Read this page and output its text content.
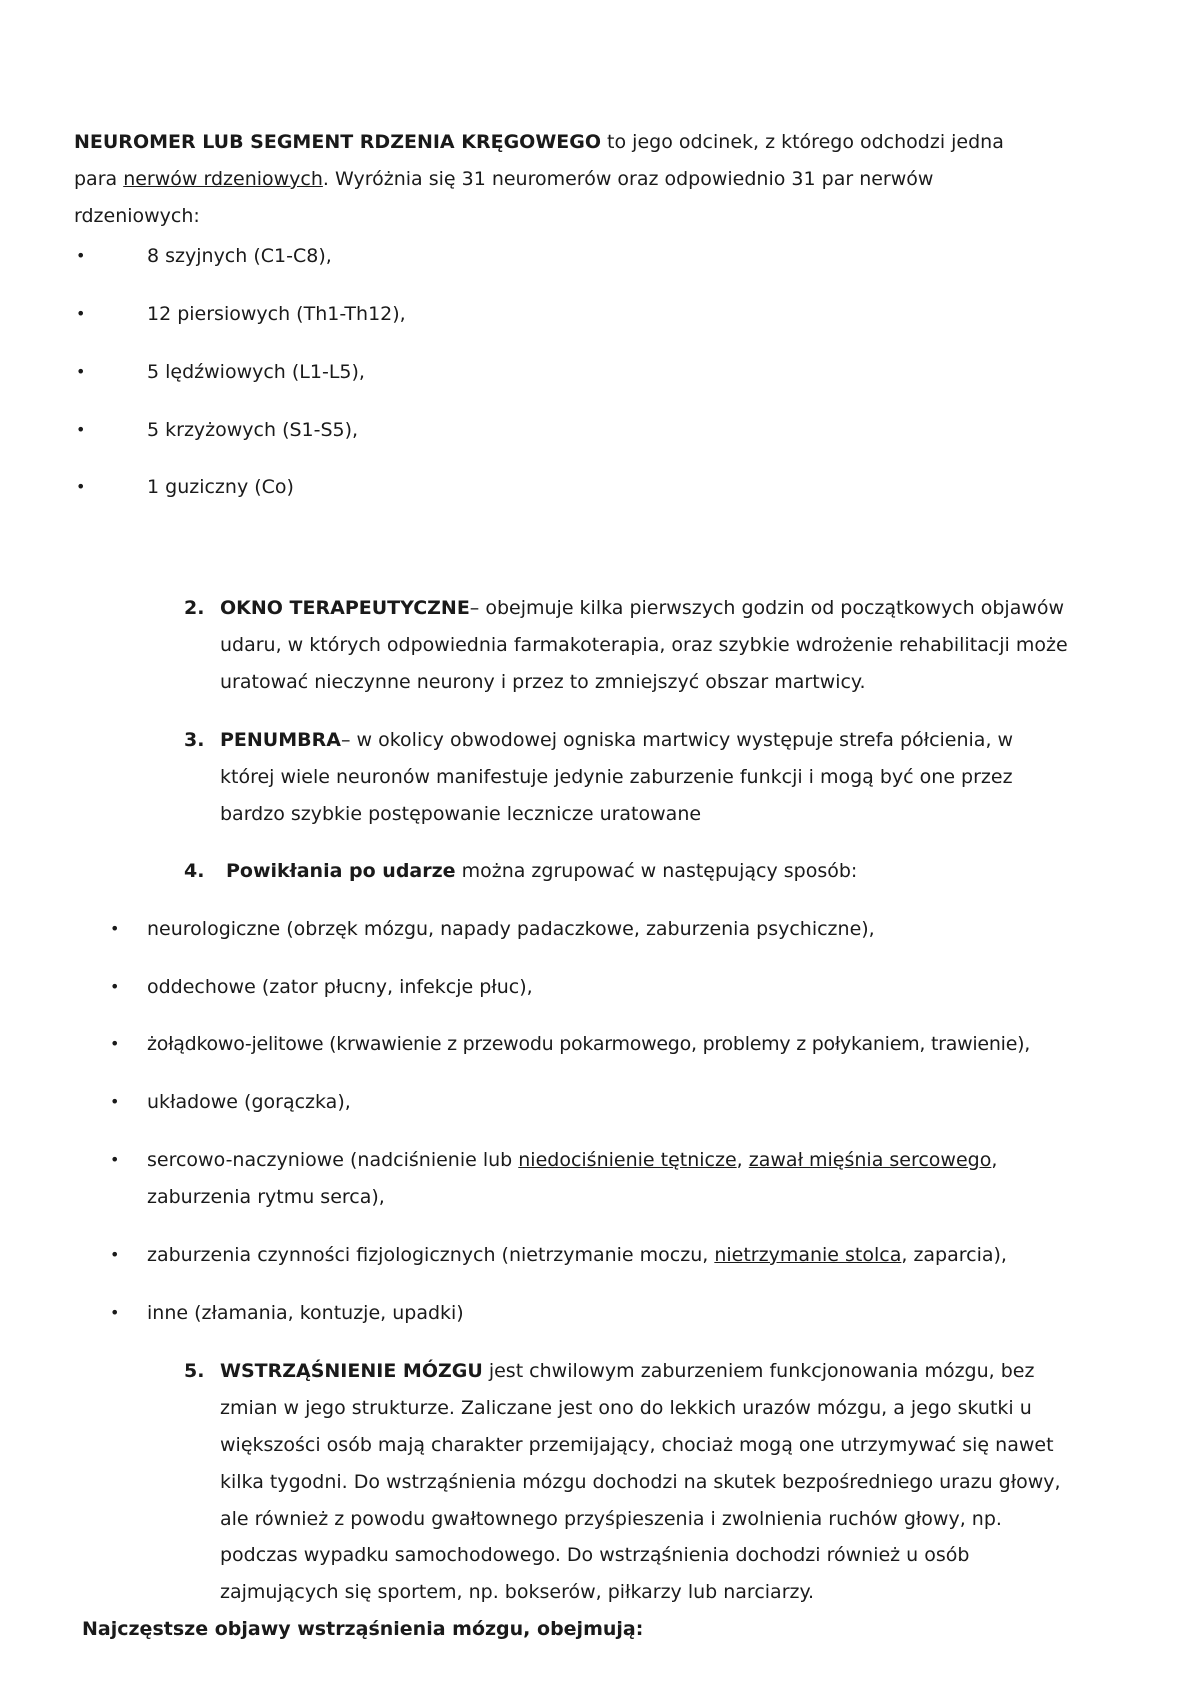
NEUROMER LUB SEGMENT RDZENIA KRĘGOWEGO to jego odcinek, z którego odchodzi jedna
para nerwów rdzeniowych. Wyróżnia się 31 neuromerów oraz odpowiednio 31 par nerwów
rdzeniowych:
•	8 szyjnych (C1-C8),
•	12 piersiowych (Th1-Th12),
•	5 lędźwiowych (L1-L5),
•	5 krzyżowych (S1-S5),
•	1 guziczny (Co)
2. OKNO TERAPEUTYCZNE– obejmuje kilka pierwszych godzin od początkowych objawów
udaru, w których odpowiednia farmakoterapia, oraz szybkie wdrożenie rehabilitacji może
uratować nieczynne neurony i przez to zmniejszyć obszar martwicy.
3. PENUMBRA– w okolicy obwodowej ogniska martwicy występuje strefa półcienia, w
której wiele neuronów manifestuje jedynie zaburzenie funkcji i mogą być one przez
bardzo szybkie postępowanie lecznicze uratowane
4. Powikłania po udarze można zgrupować w następujący sposób:
• neurologiczne (obrzęk mózgu, napady padaczkowe, zaburzenia psychiczne),
• oddechowe (zator płucny, infekcje płuc),
• żołądkowo-jelitowe (krwawienie z przewodu pokarmowego, problemy z połykaniem, trawienie),
• układowe (gorączka),
• sercowo-naczyniowe (nadciśnienie lub niedociśnienie tętnicze, zawał mięśnia sercowego,
zaburzenia rytmu serca),
• zaburzenia czynności fizjologicznych (nietrzymanie moczu, nietrzymanie stolca, zaparcia),
• inne (złamania, kontuzje, upadki)
5. WSTRZĄŚNIENIE MÓZGU jest chwilowym zaburzeniem funkcjonowania mózgu, bez
zmian w jego strukturze. Zaliczane jest ono do lekkich urazów mózgu, a jego skutki u
większości osób mają charakter przemijający, chociaż mogą one utrzymywać się nawet
kilka tygodni. Do wstrząśnienia mózgu dochodzi na skutek bezpośredniego urazu głowy,
ale również z powodu gwałtownego przyśpieszenia i zwolnienia ruchów głowy, np.
podczas wypadku samochodowego. Do wstrząśnienia dochodzi również u osób
zajmujących się sportem, np. bokserów, piłkarzy lub narciarzy.
Najczęstsze objawy wstrząśnienia mózgu, obejmują:
